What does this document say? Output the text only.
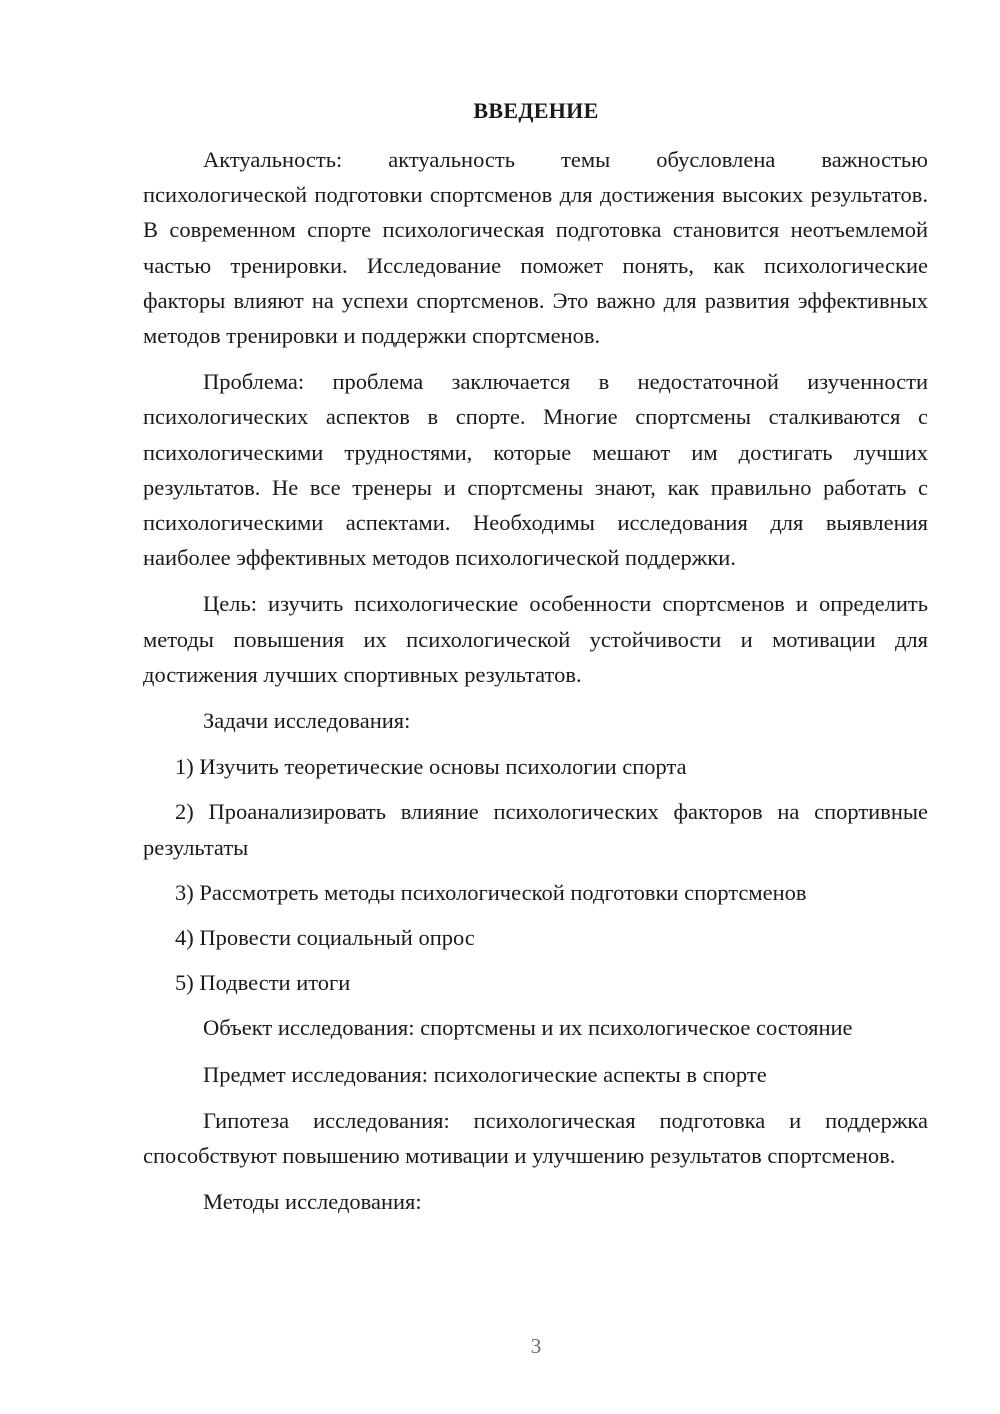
ВВЕДЕНИЕ

Актуальность: актуальность темы обусловлена важностью психологической подготовки спортсменов для достижения высоких результатов. В современном спорте психологическая подготовка становится неотъемлемой частью тренировки. Исследование поможет понять, как психологические факторы влияют на успехи спортсменов. Это важно для развития эффективных методов тренировки и поддержки спортсменов.

Проблема: проблема заключается в недостаточной изученности психологических аспектов в спорте. Многие спортсмены сталкиваются с психологическими трудностями, которые мешают им достигать лучших результатов. Не все тренеры и спортсмены знают, как правильно работать с психологическими аспектами. Необходимы исследования для выявления наиболее эффективных методов психологической поддержки.

Цель: изучить психологические особенности спортсменов и определить методы повышения их психологической устойчивости и мотивации для достижения лучших спортивных результатов.

Задачи исследования:

1) Изучить теоретические основы психологии спорта

2) Проанализировать влияние психологических факторов на спортивные результаты

3) Рассмотреть методы психологической подготовки спортсменов

4) Провести социальный опрос

5) Подвести итоги

Объект исследования: спортсмены и их психологическое состояние

Предмет исследования: психологические аспекты в спорте

Гипотеза исследования: психологическая подготовка и поддержка способствуют повышению мотивации и улучшению результатов спортсменов.

Методы исследования:

3
